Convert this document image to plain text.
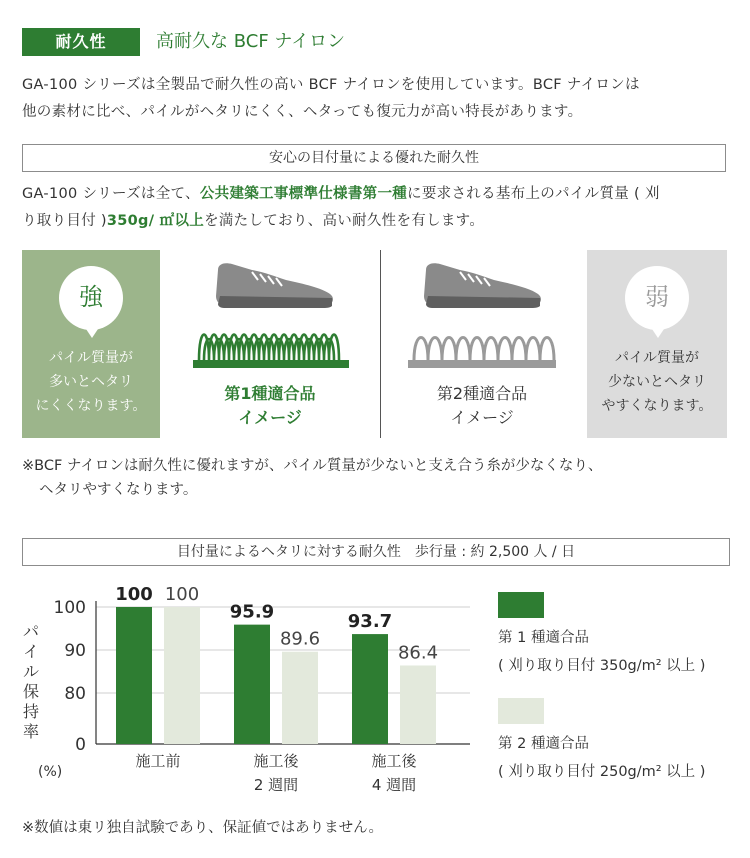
耐久性	高耐久な BCF ナイロン
GA-100 シリーズは全製品で耐久性の高い BCF ナイロンを使用しています。BCF ナイロンは
他の素材に比べ、パイルがヘタリにくく、ヘタっても復元力が高い特長があります。
安心の目付量による優れた耐久性
GA-100 シリーズは全て、公共建築工事標準仕様書第一種に要求される基布上のパイル質量 ( 刈
り取り目付 )350g/ ㎡以上を満たしており、高い耐久性を有します。
強
パイル質量が
多いとヘタリ
にくくなります。
第1種適合品
イメージ
第2種適合品
イメージ
弱
パイル質量が
少ないとヘタリ
やすくなります。
※BCF ナイロンは耐久性に優れますが、パイル質量が少ないと支え合う糸が少なくなり、
ヘタリやすくなります。
目付量によるヘタリに対する耐久性　歩行量 : 約 2,500 人 / 日
パイル保持率
(%)
0
80
90
100
100 100
施工前
95.9
89.6
施工後
2 週間
93.7
86.4
施工後
4 週間
第 1 種適合品
( 刈り取り目付 350g/m² 以上 )
第 2 種適合品
( 刈り取り目付 250g/m² 以上 )
※数値は東リ独自試験であり、保証値ではありません。
